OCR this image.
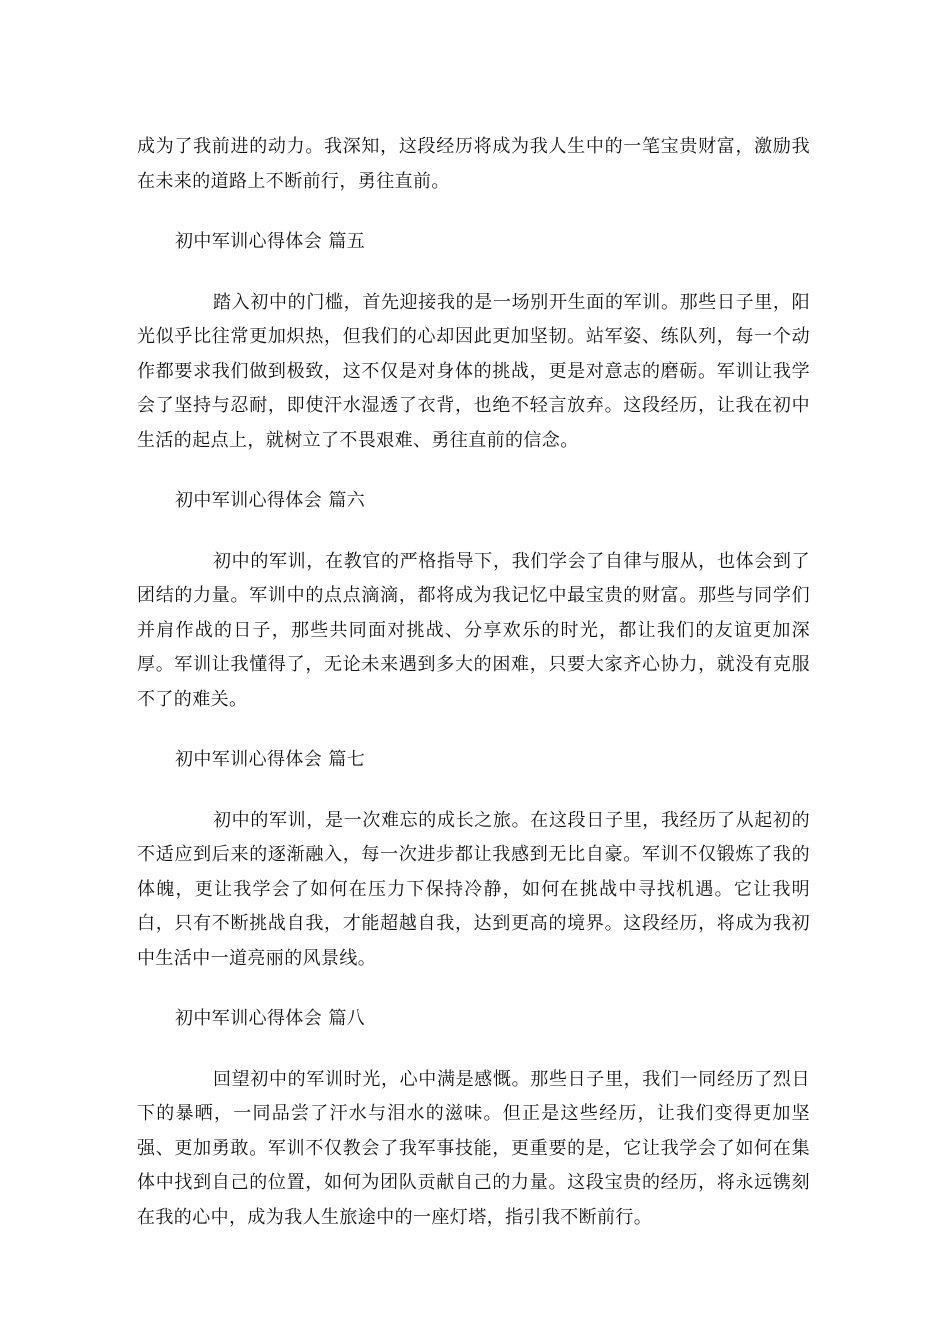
成为了我前进的动力。我深知，这段经历将成为我人生中的一笔宝贵财富，激励我在未来的道路上不断前行，勇往直前。

初中军训心得体会 篇五

踏入初中的门槛，首先迎接我的是一场别开生面的军训。那些日子里，阳光似乎比往常更加炽热，但我们的心却因此更加坚韧。站军姿、练队列，每一个动作都要求我们做到极致，这不仅是对身体的挑战，更是对意志的磨砺。军训让我学会了坚持与忍耐，即使汗水湿透了衣背，也绝不轻言放弃。这段经历，让我在初中生活的起点上，就树立了不畏艰难、勇往直前的信念。

初中军训心得体会 篇六

初中的军训，在教官的严格指导下，我们学会了自律与服从，也体会到了团结的力量。军训中的点点滴滴，都将成为我记忆中最宝贵的财富。那些与同学们并肩作战的日子，那些共同面对挑战、分享欢乐的时光，都让我们的友谊更加深厚。军训让我懂得了，无论未来遇到多大的困难，只要大家齐心协力，就没有克服不了的难关。

初中军训心得体会 篇七

初中的军训，是一次难忘的成长之旅。在这段日子里，我经历了从起初的不适应到后来的逐渐融入，每一次进步都让我感到无比自豪。军训不仅锻炼了我的体魄，更让我学会了如何在压力下保持冷静，如何在挑战中寻找机遇。它让我明白，只有不断挑战自我，才能超越自我，达到更高的境界。这段经历，将成为我初中生活中一道亮丽的风景线。

初中军训心得体会 篇八

回望初中的军训时光，心中满是感慨。那些日子里，我们一同经历了烈日下的暴晒，一同品尝了汗水与泪水的滋味。但正是这些经历，让我们变得更加坚强、更加勇敢。军训不仅教会了我军事技能，更重要的是，它让我学会了如何在集体中找到自己的位置，如何为团队贡献自己的力量。这段宝贵的经历，将永远镌刻在我的心中，成为我人生旅途中的一座灯塔，指引我不断前行。
